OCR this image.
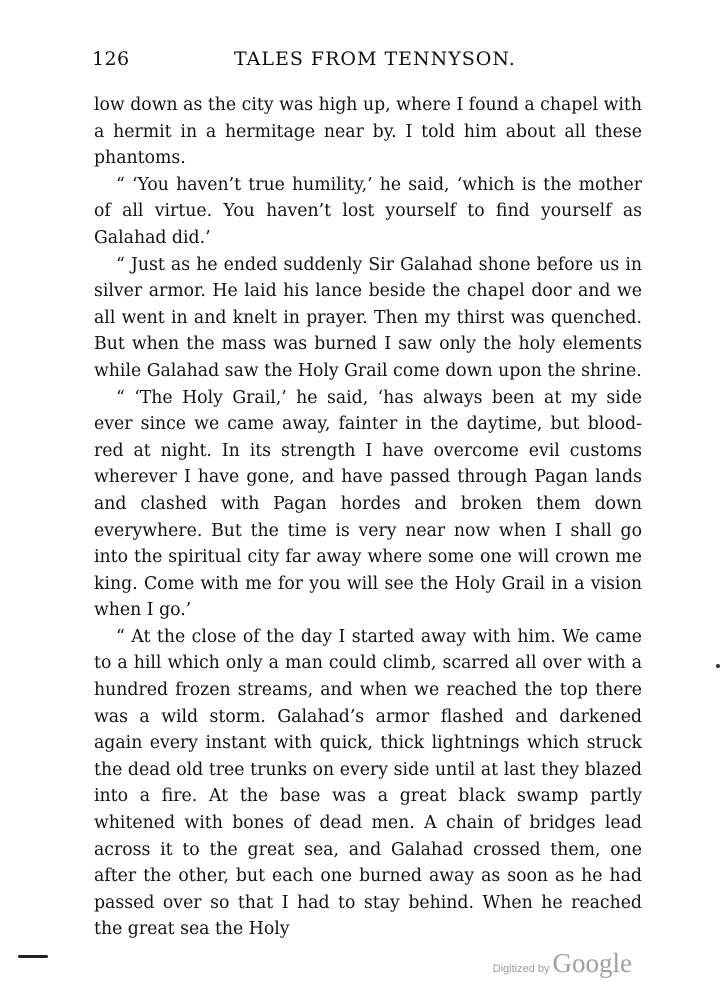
126	TALES FROM TENNYSON.

low down as the city was high up, where I found a chapel with a hermit in a hermitage near by. I told him about all these phantoms.

“ ‘You haven’t true humility,’ he said, ‘which is the mother of all virtue. You haven’t lost yourself to find yourself as Galahad did.’

“ Just as he ended suddenly Sir Galahad shone before us in silver armor. He laid his lance beside the chapel door and we all went in and knelt in prayer. Then my thirst was quenched. But when the mass was burned I saw only the holy elements while Galahad saw the Holy Grail come down upon the shrine.

“ ‘The Holy Grail,’ he said, ‘has always been at my side ever since we came away, fainter in the daytime, but blood-red at night. In its strength I have overcome evil customs wherever I have gone, and have passed through Pagan lands and clashed with Pagan hordes and broken them down everywhere. But the time is very near now when I shall go into the spiritual city far away where some one will crown me king. Come with me for you will see the Holy Grail in a vision when I go.’

“ At the close of the day I started away with him. We came to a hill which only a man could climb, scarred all over with a hundred frozen streams, and when we reached the top there was a wild storm. Galahad’s armor flashed and darkened again every instant with quick, thick lightnings which struck the dead old tree trunks on every side until at last they blazed into a fire. At the base was a great black swamp partly whitened with bones of dead men. A chain of bridges lead across it to the great sea, and Galahad crossed them, one after the other, but each one burned away as soon as he had passed over so that I had to stay behind. When he reached the great sea the Holy

Digitized by Google
